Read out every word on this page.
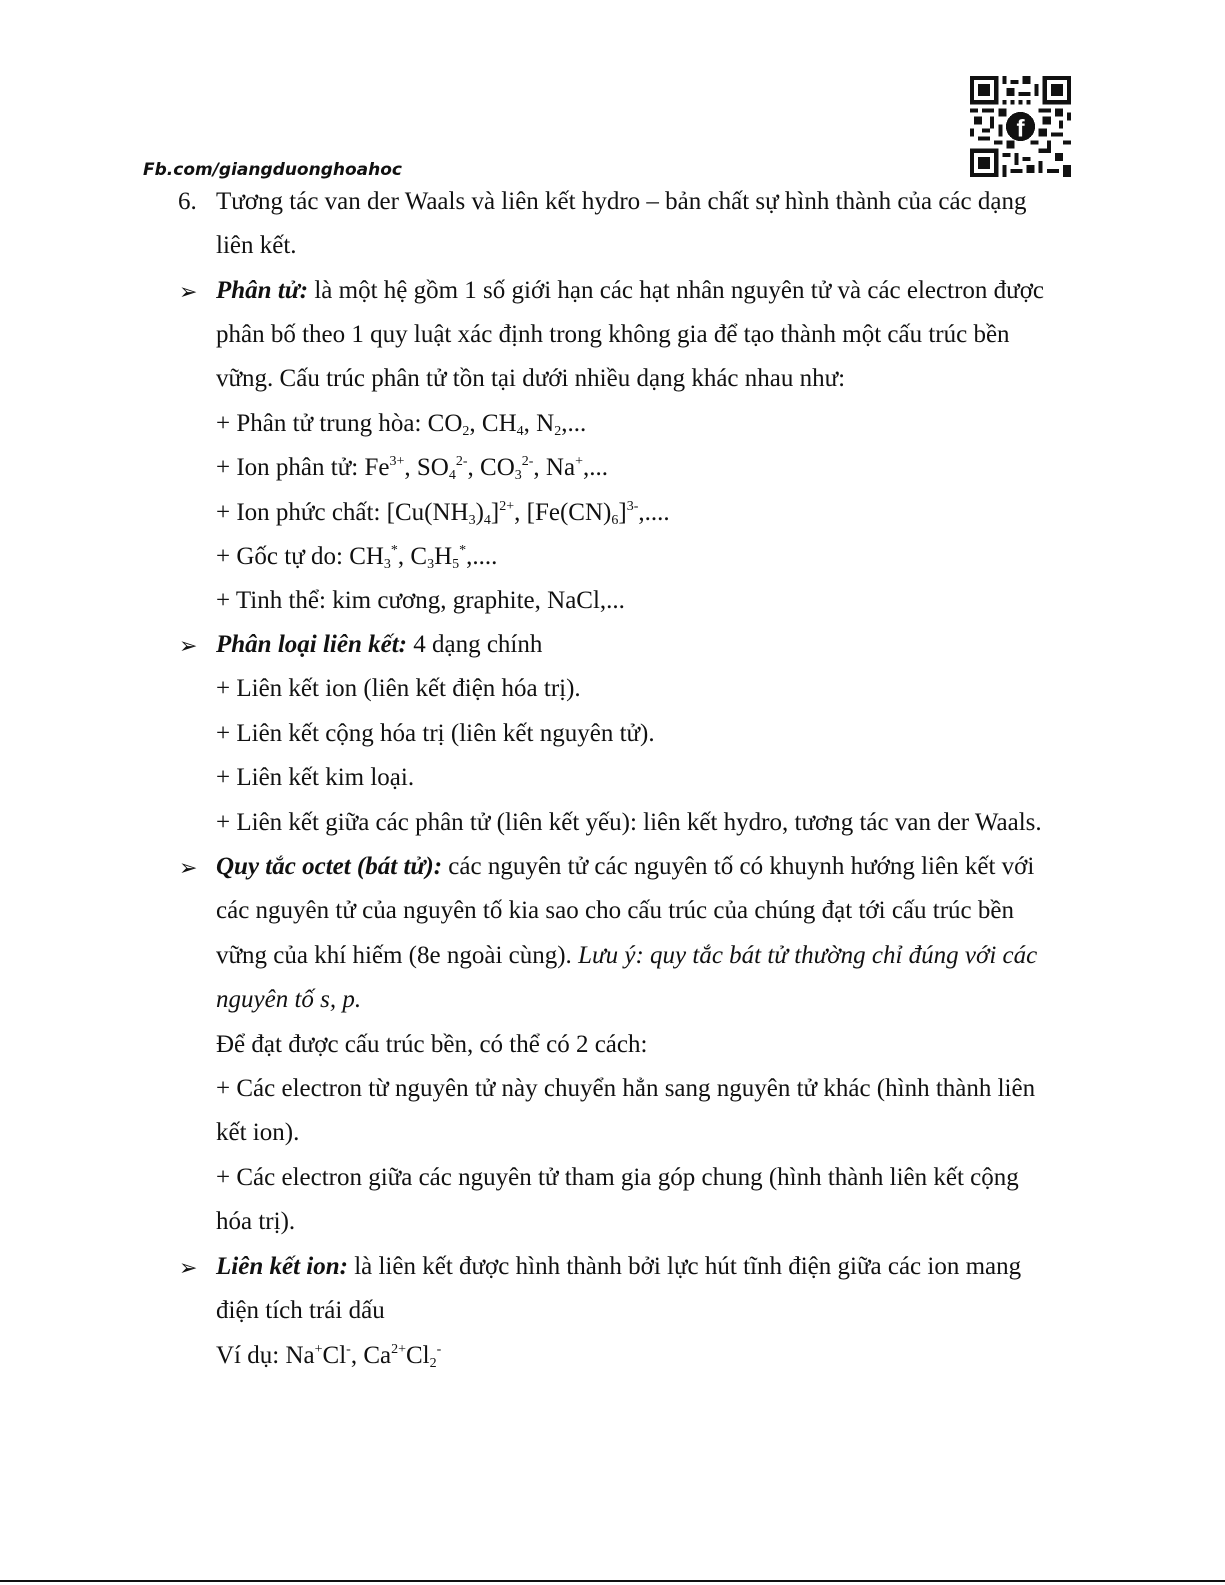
f
Fb.com/giangduonghoahoc
6. Tương tác van der Waals và liên kết hydro – bản chất sự hình thành của các dạng
liên kết.
➢ Phân tử: là một hệ gồm 1 số giới hạn các hạt nhân nguyên tử và các electron được
phân bố theo 1 quy luật xác định trong không gia để tạo thành một cấu trúc bền
vững. Cấu trúc phân tử tồn tại dưới nhiều dạng khác nhau như:
+ Phân tử trung hòa: $CO_2$, $CH_4$, $N_2$,...
+ Ion phân tử: $Fe^{3+}$, $SO_4^{2-}$, $CO_3^{2-}$, Na+,...
+ Ion phức chất: $[Cu(NH_3)_4]^{2+}$, $[Fe(CN)_6]^{3-}$,....
+ Gốc tự do: $CH_3^*$, $C_3H_5^*$,....
+ Tinh thể: kim cương, graphite, NaCl,...
➢ Phân loại liên kết: 4 dạng chính
+ Liên kết ion (liên kết điện hóa trị).
+ Liên kết cộng hóa trị (liên kết nguyên tử).
+ Liên kết kim loại.
+ Liên kết giữa các phân tử (liên kết yếu): liên kết hydro, tương tác van der Waals.
➢ Quy tắc octet (bát tử): các nguyên tử các nguyên tố có khuynh hướng liên kết với
các nguyên tử của nguyên tố kia sao cho cấu trúc của chúng đạt tới cấu trúc bền
vững của khí hiếm (8e ngoài cùng). Lưu ý: quy tắc bát tử thường chỉ đúng với các
nguyên tố s, p.
Để đạt được cấu trúc bền, có thể có 2 cách:
+ Các electron từ nguyên tử này chuyển hẳn sang nguyên tử khác (hình thành liên
kết ion).
+ Các electron giữa các nguyên tử tham gia góp chung (hình thành liên kết cộng
hóa trị).
➢ Liên kết ion: là liên kết được hình thành bởi lực hút tĩnh điện giữa các ion mang
điện tích trái dấu
Ví dụ: Na+Cl-, $Ca^{2+}Cl_2^-$
